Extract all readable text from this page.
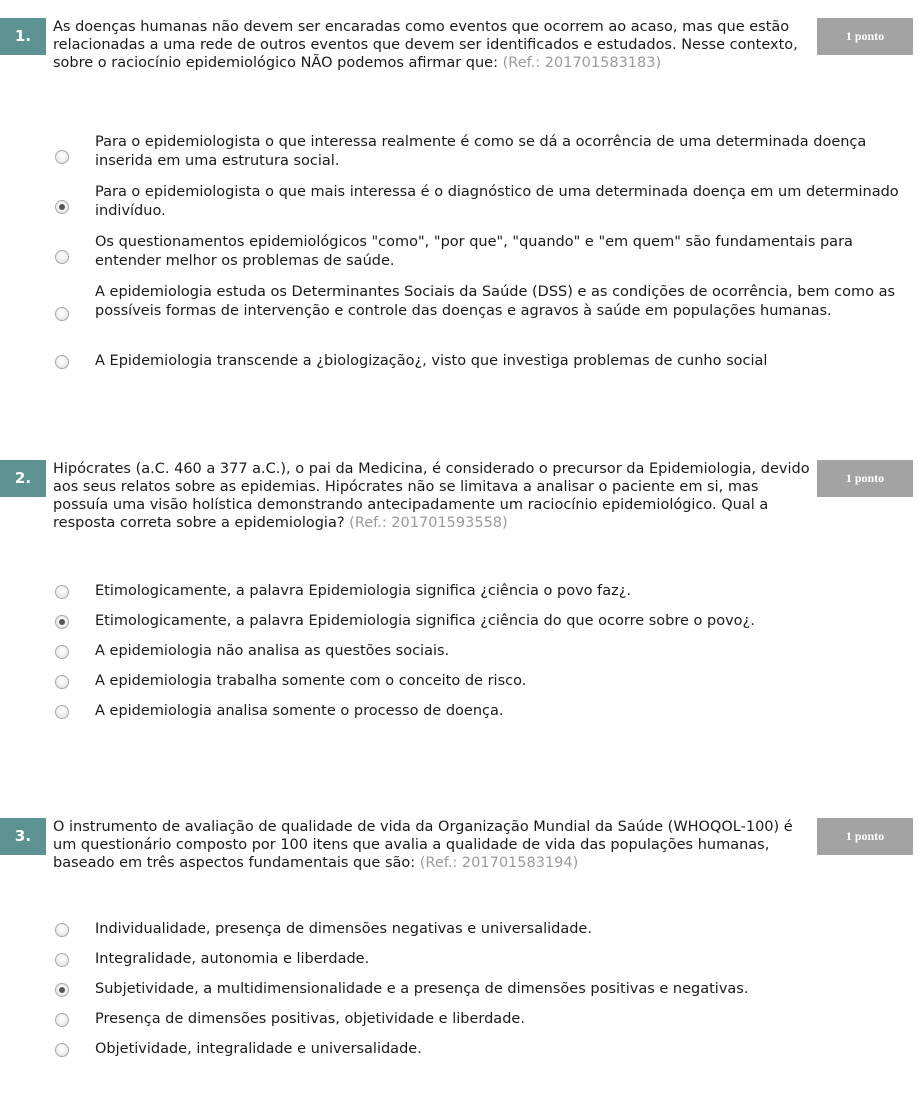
1.	As doenças humanas não devem ser encaradas como eventos que ocorrem ao acaso, mas que estão relacionadas a uma rede de outros eventos que devem ser identificados e estudados. Nesse contexto, sobre o raciocínio epidemiológico NÃO podemos afirmar que: (Ref.: 201701583183)
1 ponto
Para o epidemiologista o que interessa realmente é como se dá a ocorrência de uma determinada doença inserida em uma estrutura social.
Para o epidemiologista o que mais interessa é o diagnóstico de uma determinada doença em um determinado indivíduo.
Os questionamentos epidemiológicos "como", "por que", "quando" e "em quem" são fundamentais para entender melhor os problemas de saúde.
A epidemiologia estuda os Determinantes Sociais da Saúde (DSS) e as condições de ocorrência, bem como as possíveis formas de intervenção e controle das doenças e agravos à saúde em populações humanas.
A Epidemiologia transcende a ¿biologização¿, visto que investiga problemas de cunho social
2.	Hipócrates (a.C. 460 a 377 a.C.), o pai da Medicina, é considerado o precursor da Epidemiologia, devido aos seus relatos sobre as epidemias. Hipócrates não se limitava a analisar o paciente em si, mas possuía uma visão holística demonstrando antecipadamente um raciocínio epidemiológico. Qual a resposta correta sobre a epidemiologia? (Ref.: 201701593558)
1 ponto
Etimologicamente, a palavra Epidemiologia significa ¿ciência o povo faz¿.
Etimologicamente, a palavra Epidemiologia significa ¿ciência do que ocorre sobre o povo¿.
A epidemiologia não analisa as questões sociais.
A epidemiologia trabalha somente com o conceito de risco.
A epidemiologia analisa somente o processo de doença.
3.	O instrumento de avaliação de qualidade de vida da Organização Mundial da Saúde (WHOQOL-100) é um questionário composto por 100 itens que avalia a qualidade de vida das populações humanas, baseado em três aspectos fundamentais que são: (Ref.: 201701583194)
1 ponto
Individualidade, presença de dimensões negativas e universalidade.
Integralidade, autonomia e liberdade.
Subjetividade, a multidimensionalidade e a presença de dimensões positivas e negativas.
Presença de dimensões positivas, objetividade e liberdade.
Objetividade, integralidade e universalidade.
